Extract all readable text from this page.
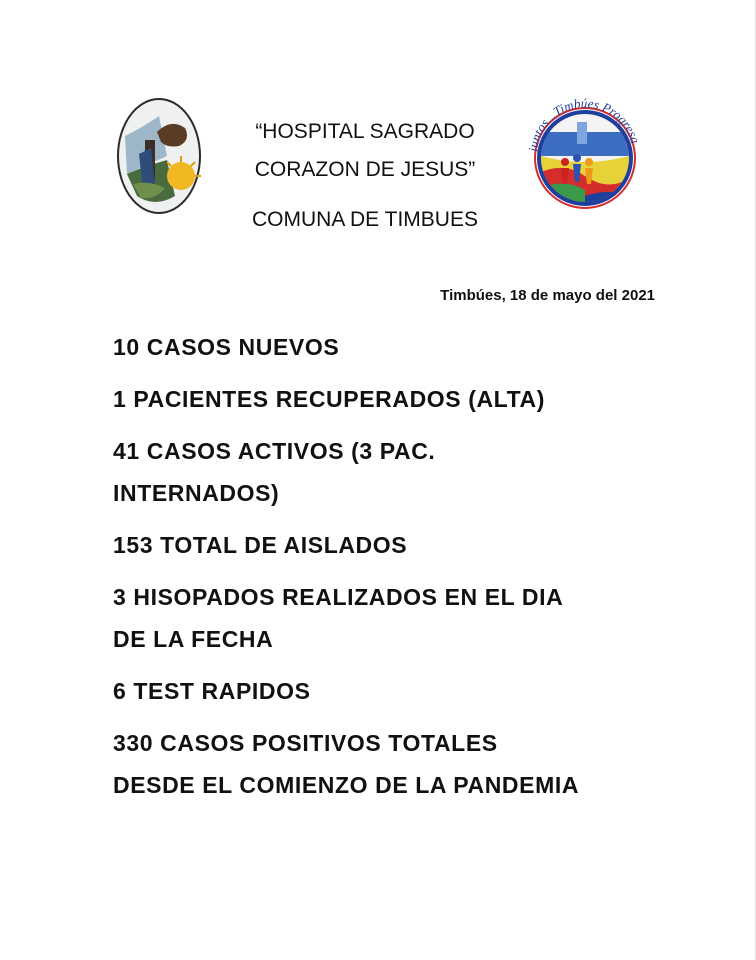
“HOSPITAL SAGRADO
CORAZON DE JESUS”
COMUNA DE TIMBUES
juntos...Timbúes Progresa
Timbúes, 18 de mayo del 2021
10 CASOS NUEVOS
1 PACIENTES RECUPERADOS (ALTA)
41 CASOS ACTIVOS (3 PAC.
INTERNADOS)
153 TOTAL DE AISLADOS
3 HISOPADOS REALIZADOS EN EL DIA
DE LA FECHA
6 TEST RAPIDOS
330 CASOS POSITIVOS TOTALES
DESDE EL COMIENZO DE LA PANDEMIA
